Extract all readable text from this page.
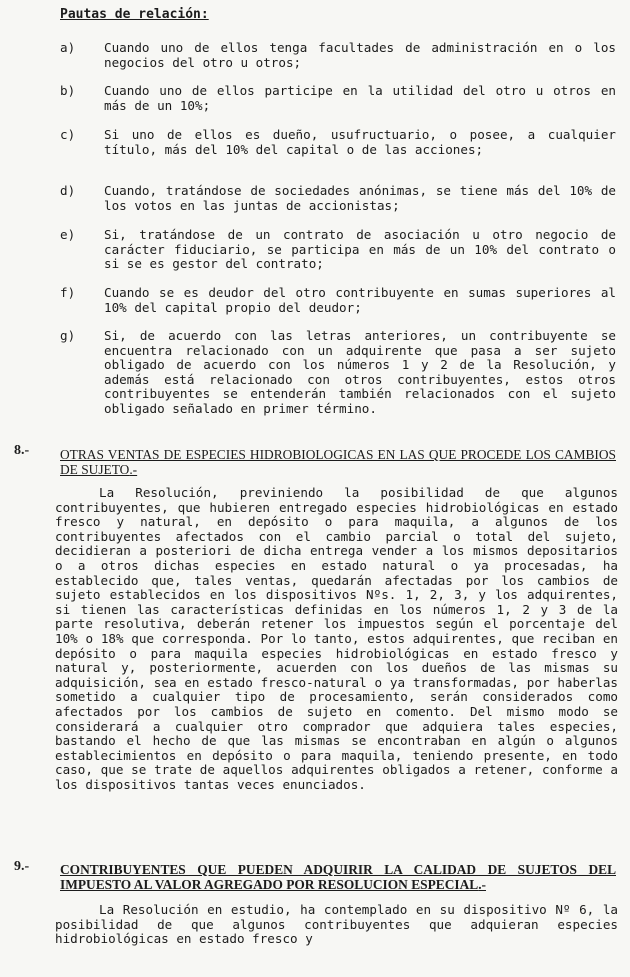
Pautas de relación:
a)	Cuando uno de ellos tenga facultades de administración en o los negocios del otro u otros;
b)	Cuando uno de ellos participe en la utilidad del otro u otros en más de un 10%;
c)	Si uno de ellos es dueño, usufructuario, o posee, a cualquier título, más del 10% del capital o de las acciones;
d)	Cuando, tratándose de sociedades anónimas, se tiene más del 10% de los votos en las juntas de accionistas;
e)	Si, tratándose de un contrato de asociación u otro negocio de carácter fiduciario, se participa en más de un 10% del contrato o si se es gestor del contrato;
f)	Cuando se es deudor del otro contribuyente en sumas superiores al 10% del capital propio del deudor;
g)	Si, de acuerdo con las letras anteriores, un contribuyente se encuentra relacionado con un adquirente que pasa a ser sujeto obligado de acuerdo con los números 1 y 2 de la Resolución, y además está relacionado con otros contribuyentes, estos otros contribuyentes se entenderán también relacionados con el sujeto obligado señalado en primer término.
8.- OTRAS VENTAS DE ESPECIES HIDROBIOLOGICAS EN LAS QUE PROCEDE LOS CAMBIOS DE SUJETO.-
La Resolución, previniendo la posibilidad de que algunos contribuyentes, que hubieren entregado especies hidrobiológicas en estado fresco y natural, en depósito o para maquila, a algunos de los contribuyentes afectados con el cambio parcial o total del sujeto, decidieran a posteriori de dicha entrega vender a los mismos depositarios o a otros dichas especies en estado natural o ya procesadas, ha establecido que, tales ventas, quedarán afectadas por los cambios de sujeto establecidos en los dispositivos Nºs. 1, 2, 3, y los adquirentes, si tienen las características definidas en los números 1, 2 y 3 de la parte resolutiva, deberán retener los impuestos según el porcentaje del 10% o 18% que corresponda. Por lo tanto, estos adquirentes, que reciban en depósito o para maquila especies hidrobiológicas en estado fresco y natural y, posteriormente, acuerden con los dueños de las mismas su adquisición, sea en estado fresco-natural o ya transformadas, por haberlas sometido a cualquier tipo de procesamiento, serán considerados como afectados por los cambios de sujeto en comento. Del mismo modo se considerará a cualquier otro comprador que adquiera tales especies, bastando el hecho de que las mismas se encontraban en algún o algunos establecimientos en depósito o para maquila, teniendo presente, en todo caso, que se trate de aquellos adquirentes obligados a retener, conforme a los dispositivos tantas veces enunciados.
9.- CONTRIBUYENTES QUE PUEDEN ADQUIRIR LA CALIDAD DE SUJETOS DEL IMPUESTO AL VALOR AGREGADO POR RESOLUCION ESPECIAL.-
La Resolución en estudio, ha contemplado en su dispositivo Nº 6, la posibilidad de que algunos contribuyentes que adquieran especies hidrobiológicas en estado fresco y
